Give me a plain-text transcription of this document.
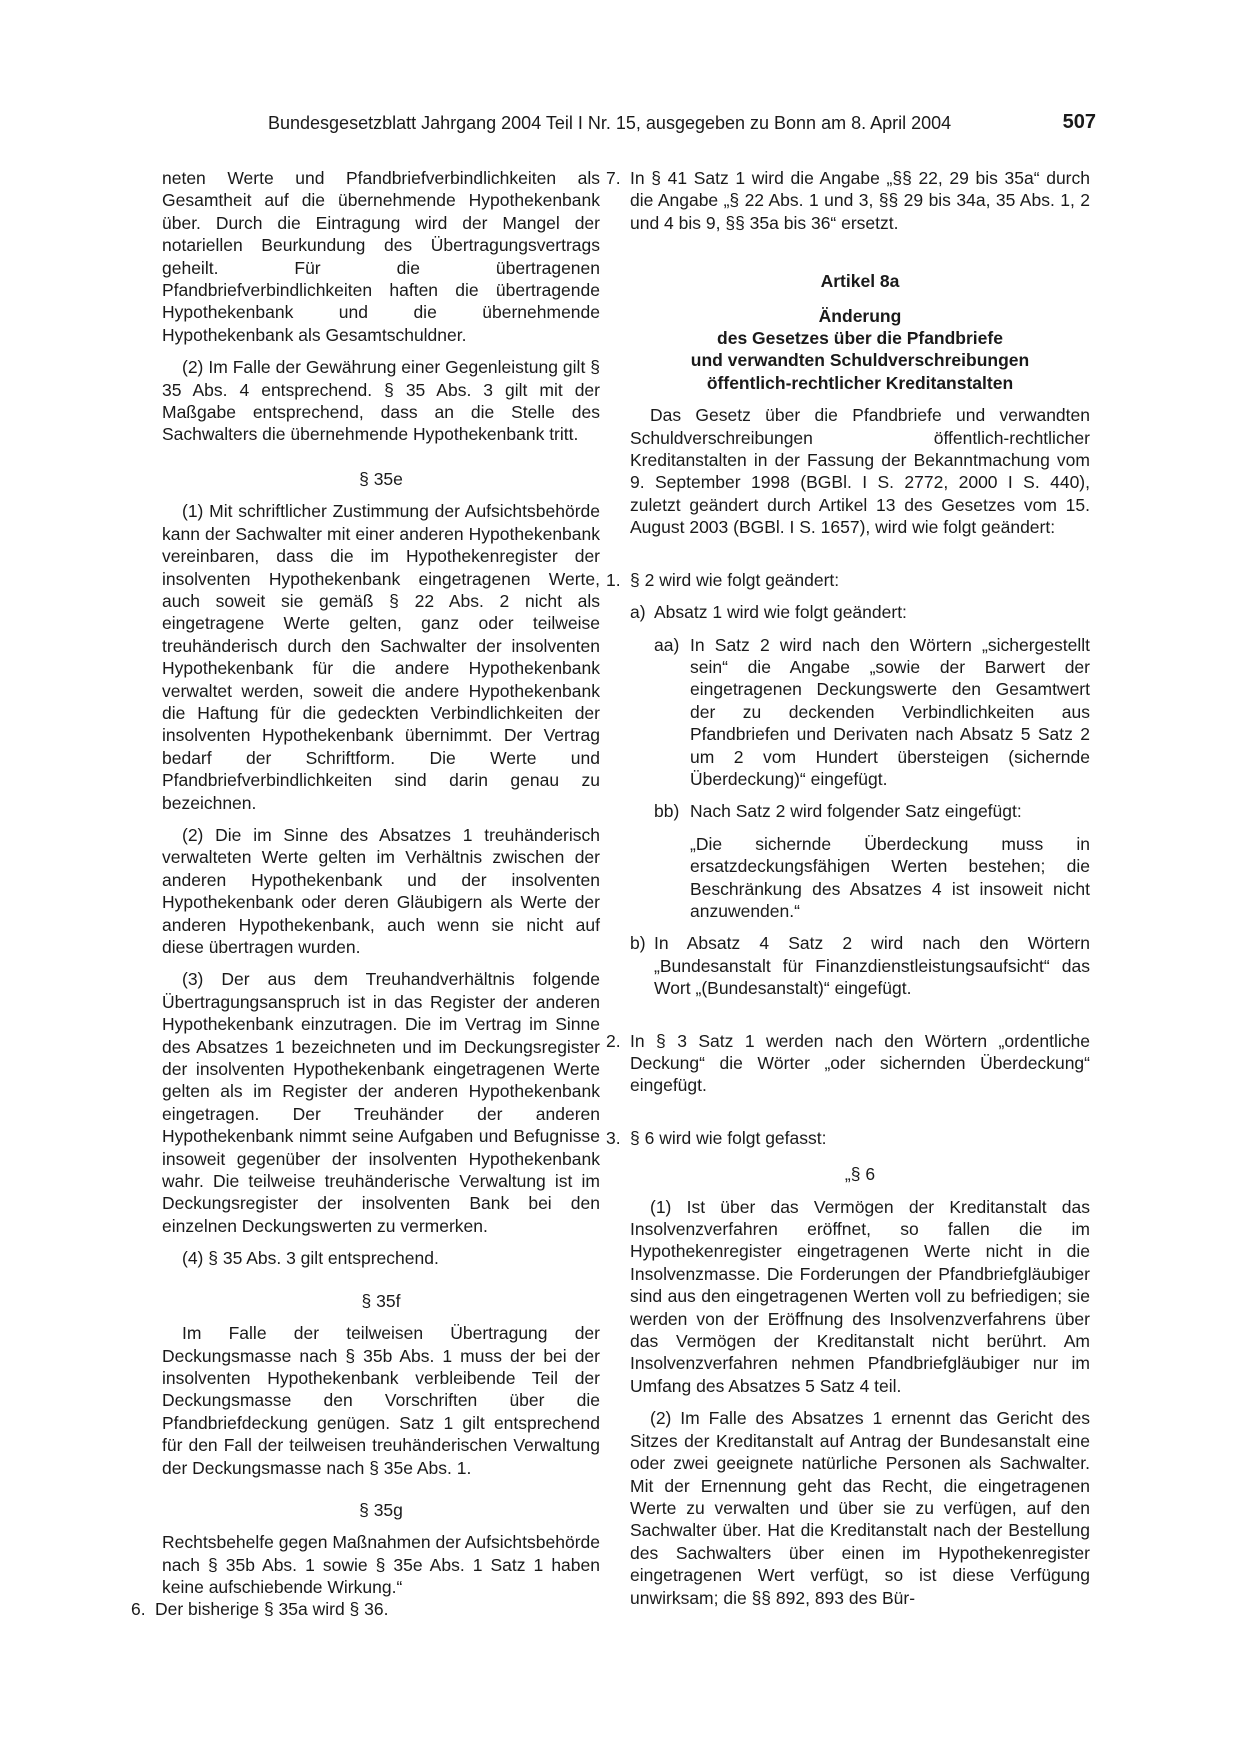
Bundesgesetzblatt Jahrgang 2004 Teil I Nr. 15, ausgegeben zu Bonn am 8. April 2004	507

neten Werte und Pfandbriefverbindlichkeiten als Gesamtheit auf die übernehmende Hypothekenbank über. Durch die Eintragung wird der Mangel der notariellen Beurkundung des Übertragungsvertrags geheilt. Für die übertragenen Pfandbriefverbindlichkeiten haften die übertragende Hypothekenbank und die übernehmende Hypothekenbank als Gesamtschuldner.

(2) Im Falle der Gewährung einer Gegenleistung gilt § 35 Abs. 4 entsprechend. § 35 Abs. 3 gilt mit der Maßgabe entsprechend, dass an die Stelle des Sachwalters die übernehmende Hypothekenbank tritt.

§ 35e

(1) Mit schriftlicher Zustimmung der Aufsichtsbehörde kann der Sachwalter mit einer anderen Hypothekenbank vereinbaren, dass die im Hypothekenregister der insolventen Hypothekenbank eingetragenen Werte, auch soweit sie gemäß § 22 Abs. 2 nicht als eingetragene Werte gelten, ganz oder teilweise treuhänderisch durch den Sachwalter der insolventen Hypothekenbank für die andere Hypothekenbank verwaltet werden, soweit die andere Hypothekenbank die Haftung für die gedeckten Verbindlichkeiten der insolventen Hypothekenbank übernimmt. Der Vertrag bedarf der Schriftform. Die Werte und Pfandbriefverbindlichkeiten sind darin genau zu bezeichnen.

(2) Die im Sinne des Absatzes 1 treuhänderisch verwalteten Werte gelten im Verhältnis zwischen der anderen Hypothekenbank und der insolventen Hypothekenbank oder deren Gläubigern als Werte der anderen Hypothekenbank, auch wenn sie nicht auf diese übertragen wurden.

(3) Der aus dem Treuhandverhältnis folgende Übertragungsanspruch ist in das Register der anderen Hypothekenbank einzutragen. Die im Vertrag im Sinne des Absatzes 1 bezeichneten und im Deckungsregister der insolventen Hypothekenbank eingetragenen Werte gelten als im Register der anderen Hypothekenbank eingetragen. Der Treuhänder der anderen Hypothekenbank nimmt seine Aufgaben und Befugnisse insoweit gegenüber der insolventen Hypothekenbank wahr. Die teilweise treuhänderische Verwaltung ist im Deckungsregister der insolventen Bank bei den einzelnen Deckungswerten zu vermerken.

(4) § 35 Abs. 3 gilt entsprechend.

§ 35f

Im Falle der teilweisen Übertragung der Deckungsmasse nach § 35b Abs. 1 muss der bei der insolventen Hypothekenbank verbleibende Teil der Deckungsmasse den Vorschriften über die Pfandbriefdeckung genügen. Satz 1 gilt entsprechend für den Fall der teilweisen treuhänderischen Verwaltung der Deckungsmasse nach § 35e Abs. 1.

§ 35g

Rechtsbehelfe gegen Maßnahmen der Aufsichtsbehörde nach § 35b Abs. 1 sowie § 35e Abs. 1 Satz 1 haben keine aufschiebende Wirkung.“

6. Der bisherige § 35a wird § 36.
7. In § 41 Satz 1 wird die Angabe „§§ 22, 29 bis 35a“ durch die Angabe „§ 22 Abs. 1 und 3, §§ 29 bis 34a, 35 Abs. 1, 2 und 4 bis 9, §§ 35a bis 36“ ersetzt.

Artikel 8a

Änderung

des Gesetzes über die Pfandbriefe

und verwandten Schuldverschreibungen

öffentlich-rechtlicher Kreditanstalten

Das Gesetz über die Pfandbriefe und verwandten Schuldverschreibungen öffentlich-rechtlicher Kreditanstalten in der Fassung der Bekanntmachung vom 9. September 1998 (BGBl. I S. 2772, 2000 I S. 440), zuletzt geändert durch Artikel 13 des Gesetzes vom 15. August 2003 (BGBl. I S. 1657), wird wie folgt geändert:

1. § 2 wird wie folgt geändert:

a) Absatz 1 wird wie folgt geändert:

aa) In Satz 2 wird nach den Wörtern „sichergestellt sein“ die Angabe „sowie der Barwert der eingetragenen Deckungswerte den Gesamtwert der zu deckenden Verbindlichkeiten aus Pfandbriefen und Derivaten nach Absatz 5 Satz 2 um 2 vom Hundert übersteigen (sichernde Überdeckung)“ eingefügt.

bb) Nach Satz 2 wird folgender Satz eingefügt:

„Die sichernde Überdeckung muss in ersatzdeckungsfähigen Werten bestehen; die Beschränkung des Absatzes 4 ist insoweit nicht anzuwenden.“

b) In Absatz 4 Satz 2 wird nach den Wörtern „Bundesanstalt für Finanzdienstleistungsaufsicht“ das Wort „(Bundesanstalt)“ eingefügt.

2. In § 3 Satz 1 werden nach den Wörtern „ordentliche Deckung“ die Wörter „oder sichernden Überdeckung“ eingefügt.

3. § 6 wird wie folgt gefasst:

„§ 6

(1) Ist über das Vermögen der Kreditanstalt das Insolvenzverfahren eröffnet, so fallen die im Hypothekenregister eingetragenen Werte nicht in die Insolvenzmasse. Die Forderungen der Pfandbriefgläubiger sind aus den eingetragenen Werten voll zu befriedigen; sie werden von der Eröffnung des Insolvenzverfahrens über das Vermögen der Kreditanstalt nicht berührt. Am Insolvenzverfahren nehmen Pfandbriefgläubiger nur im Umfang des Absatzes 5 Satz 4 teil.

(2) Im Falle des Absatzes 1 ernennt das Gericht des Sitzes der Kreditanstalt auf Antrag der Bundesanstalt eine oder zwei geeignete natürliche Personen als Sachwalter. Mit der Ernennung geht das Recht, die eingetragenen Werte zu verwalten und über sie zu verfügen, auf den Sachwalter über. Hat die Kreditanstalt nach der Bestellung des Sachwalters über einen im Hypothekenregister eingetragenen Wert verfügt, so ist diese Verfügung unwirksam; die §§ 892, 893 des Bür-
